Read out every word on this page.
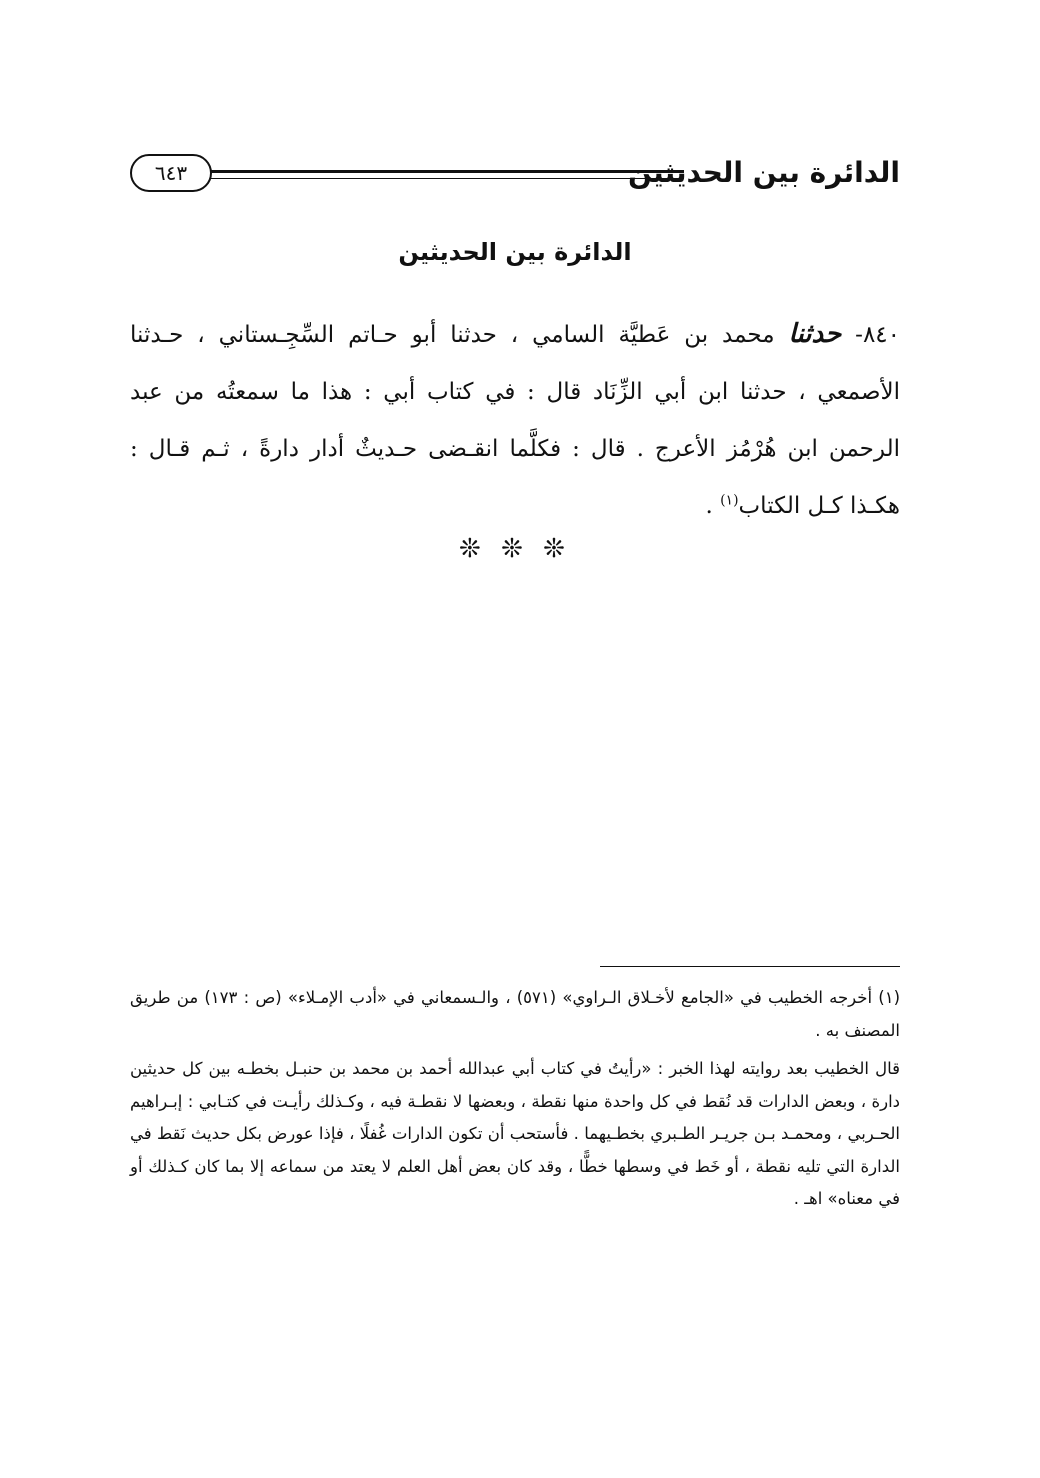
الدائرة بين الحديثين
٦٤٣
الدائرة بين الحديثين
٨٤٠- حدثنا محمد بن عَطيَّة السامي ، حدثنا أبو حـاتم السِّجِـستاني ، حـدثنا الأصمعي ، حدثنا ابن أبي الزِّنَاد قال : في كتاب أبي : هذا ما سمعتُه من عبد الرحمن ابن هُرْمُز الأعرج . قال : فكلَّما انقـضى حـديثٌ أدار دارةً ، ثـم قـال : هكـذا كـل الكتاب$^{(١)}$ .
❊ ❊ ❊

(١) أخرجه الخطيب في «الجامع لأخـلاق الـراوي» (٥٧١) ، والـسمعاني في «أدب الإمـلاء» (ص : ١٧٣) من طريق المصنف به .

قال الخطيب بعد روايته لهذا الخبر : «رأيتُ في كتاب أبي عبدالله أحمد بن محمد بن حنبـل بخطـه بين كل حديثين دارة ، وبعض الدارات قد نُقط في كل واحدة منها نقطة ، وبعضها لا نقطـة فيه ، وكـذلك رأيـت في كتـابي : إبـراهيم الحـربي ، ومحمـد بـن جريـر الطـبري بخطـيهما . فأستحب أن تكون الدارات غُفلًا ، فإذا عورض بكل حديث نَقط في الدارة التي تليه نقطة ، أو خَط في وسطها خطًّا ، وقد كان بعض أهل العلم لا يعتد من سماعه إلا بما كان كـذلك أو في معناه» اهـ .
